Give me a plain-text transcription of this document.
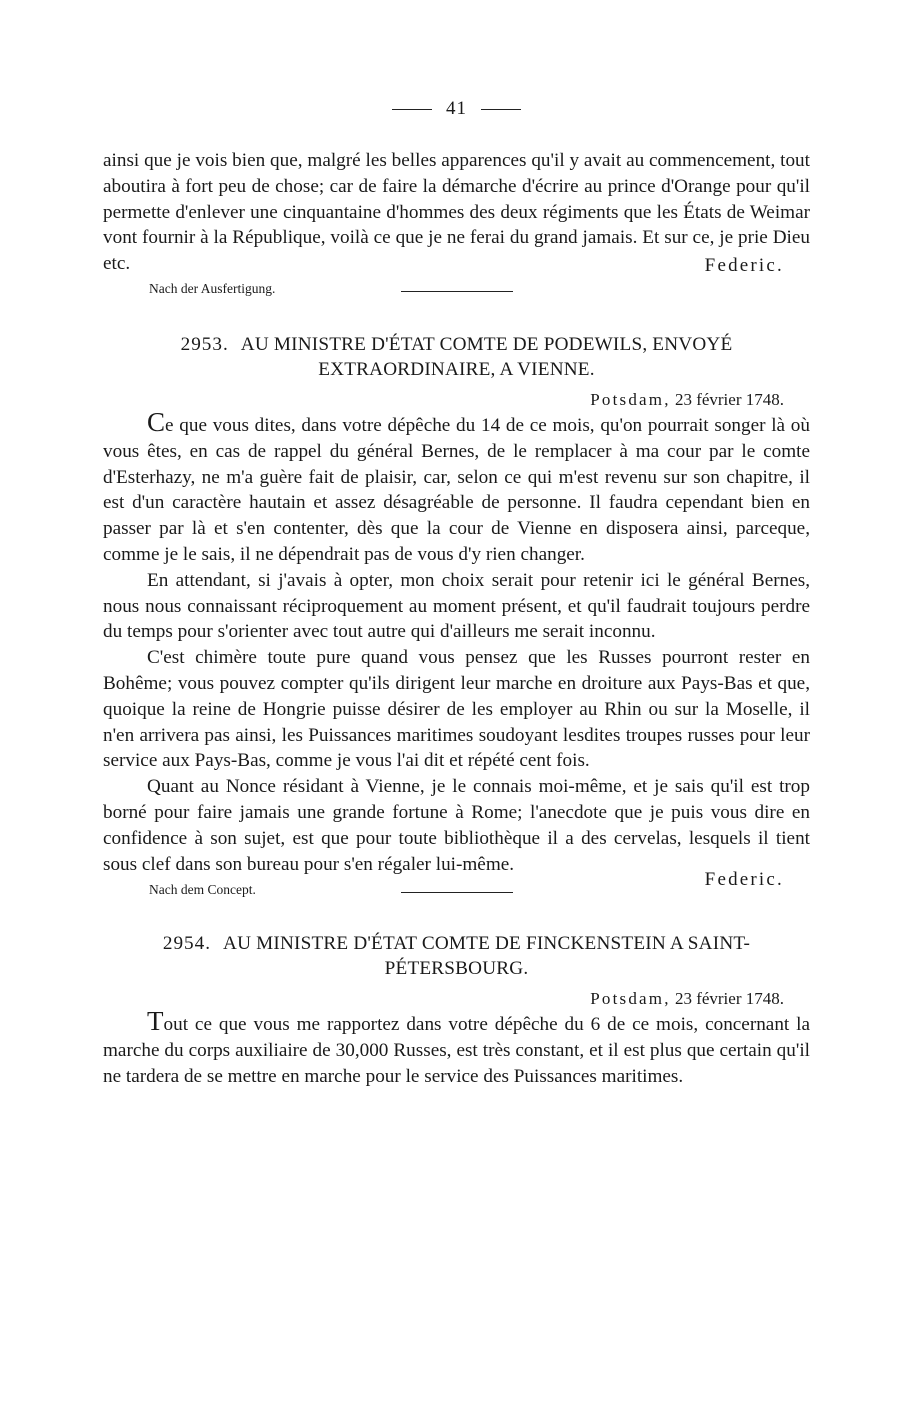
41

ainsi que je vois bien que, malgré les belles apparences qu'il y avait au commencement, tout aboutira à fort peu de chose; car de faire la démarche d'écrire au prince d'Orange pour qu'il permette d'enlever une cinquantaine d'hommes des deux régiments que les États de Weimar vont fournir à la République, voilà ce que je ne ferai du grand jamais. Et sur ce, je prie Dieu etc.	Federic.
Nach der Ausfertigung.
2953. AU MINISTRE D'ÉTAT COMTE DE PODEWILS, ENVOYÉ EXTRAORDINAIRE, A VIENNE.
Potsdam, 23 février 1748.

Ce que vous dites, dans votre dépêche du 14 de ce mois, qu'on pourrait songer là où vous êtes, en cas de rappel du général Bernes, de le remplacer à ma cour par le comte d'Esterhazy, ne m'a guère fait de plaisir, car, selon ce qui m'est revenu sur son chapitre, il est d'un caractère hautain et assez désagréable de personne. Il faudra cependant bien en passer par là et s'en contenter, dès que la cour de Vienne en disposera ainsi, parceque, comme je le sais, il ne dépendrait pas de vous d'y rien changer.

En attendant, si j'avais à opter, mon choix serait pour retenir ici le général Bernes, nous nous connaissant réciproquement au moment présent, et qu'il faudrait toujours perdre du temps pour s'orienter avec tout autre qui d'ailleurs me serait inconnu.

C'est chimère toute pure quand vous pensez que les Russes pourront rester en Bohême; vous pouvez compter qu'ils dirigent leur marche en droiture aux Pays-Bas et que, quoique la reine de Hongrie puisse désirer de les employer au Rhin ou sur la Moselle, il n'en arrivera pas ainsi, les Puissances maritimes soudoyant lesdites troupes russes pour leur service aux Pays-Bas, comme je vous l'ai dit et répété cent fois.

Quant au Nonce résidant à Vienne, je le connais moi-même, et je sais qu'il est trop borné pour faire jamais une grande fortune à Rome; l'anecdote que je puis vous dire en confidence à son sujet, est que pour toute bibliothèque il a des cervelas, lesquels il tient sous clef dans son bureau pour s'en régaler lui-même.

Federic.
Nach dem Concept.
2954. AU MINISTRE D'ÉTAT COMTE DE FINCKENSTEIN A SAINT-PÉTERSBOURG.
Potsdam, 23 février 1748.

Tout ce que vous me rapportez dans votre dépêche du 6 de ce mois, concernant la marche du corps auxiliaire de 30,000 Russes, est très constant, et il est plus que certain qu'il ne tardera de se mettre en marche pour le service des Puissances maritimes.
